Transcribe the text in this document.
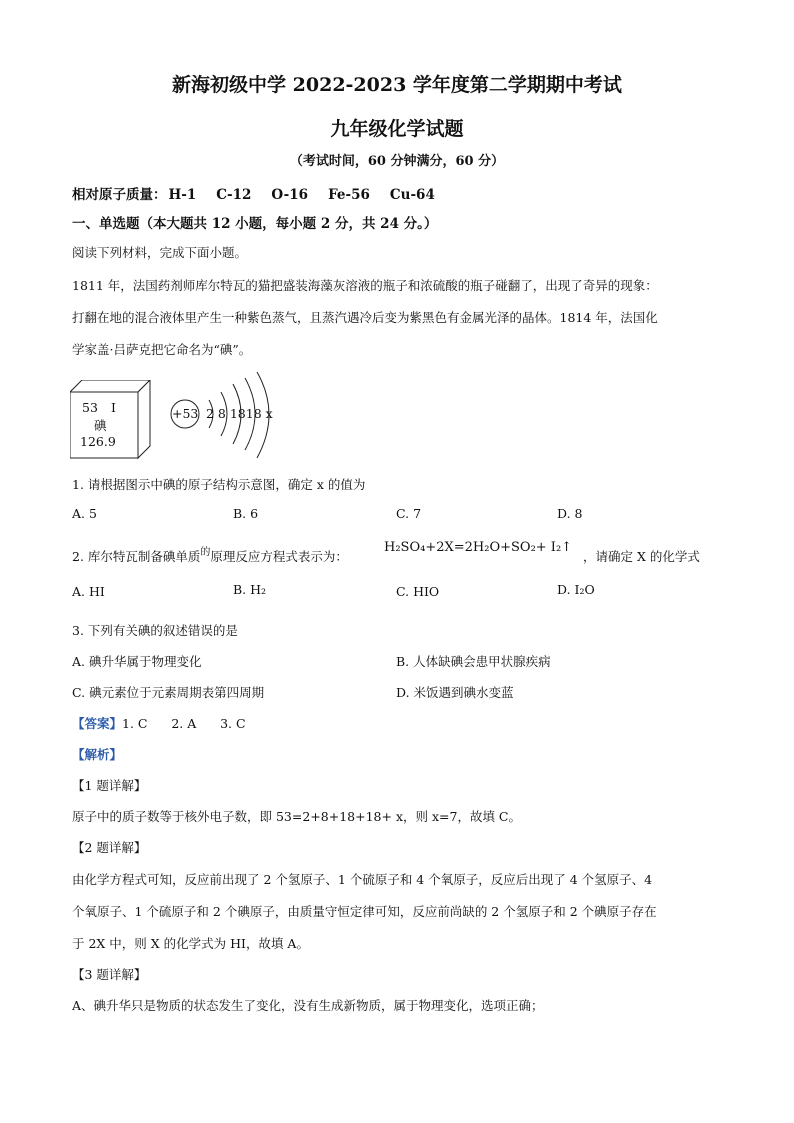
新海初级中学 2022-2023 学年度第二学期期中考试
九年级化学试题
（考试时间，60 分钟满分，60 分）
相对原子质量： H-1 C-12 O-16 Fe-56 Cu-64
一、单选题（本大题共 12 小题，每小题 2 分，共 24 分。）
阅读下列材料，完成下面小题。
1811 年，法国药剂师库尔特瓦的猫把盛装海藻灰溶液的瓶子和浓硫酸的瓶子碰翻了，出现了奇异的现象：
打翻在地的混合液体里产生一种紫色蒸气，且蒸汽遇冷后变为紫黑色有金属光泽的晶体。1814 年，法国化
学家盖·吕萨克把它命名为“碘”。
53 I
碘
126.9
+53 2 8 1818 x
1. 请根据图示中碘的原子结构示意图，确定 x 的值为
A. 5	B. 6	C. 7	D. 8
2. 库尔特瓦制备碘单质$^的$原理反应方程式表示为：
H₂SO₄+2X=2H₂O+SO₂+ I₂↑
，请确定 X 的化学式
A. HI	B. H₂	C. HIO	D. I₂O
3. 下列有关碘的叙述错误的是
A. 碘升华属于物理变化	B. 人体缺碘会患甲状腺疾病
C. 碘元素位于元素周期表第四周期	D. 米饭遇到碘水变蓝
【答案】1. C      2. A      3. C
【解析】
【1 题详解】
原子中的质子数等于核外电子数，即 53=2+8+18+18+ x，则 x=7，故填 C。
【2 题详解】
由化学方程式可知，反应前出现了 2 个氢原子、1 个硫原子和 4 个氧原子，反应后出现了 4 个氢原子、4
个氧原子、1 个硫原子和 2 个碘原子，由质量守恒定律可知，反应前尚缺的 2 个氢原子和 2 个碘原子存在
于 2X 中，则 X 的化学式为 HI，故填 A。
【3 题详解】
A、碘升华只是物质的状态发生了变化，没有生成新物质，属于物理变化，选项正确；
